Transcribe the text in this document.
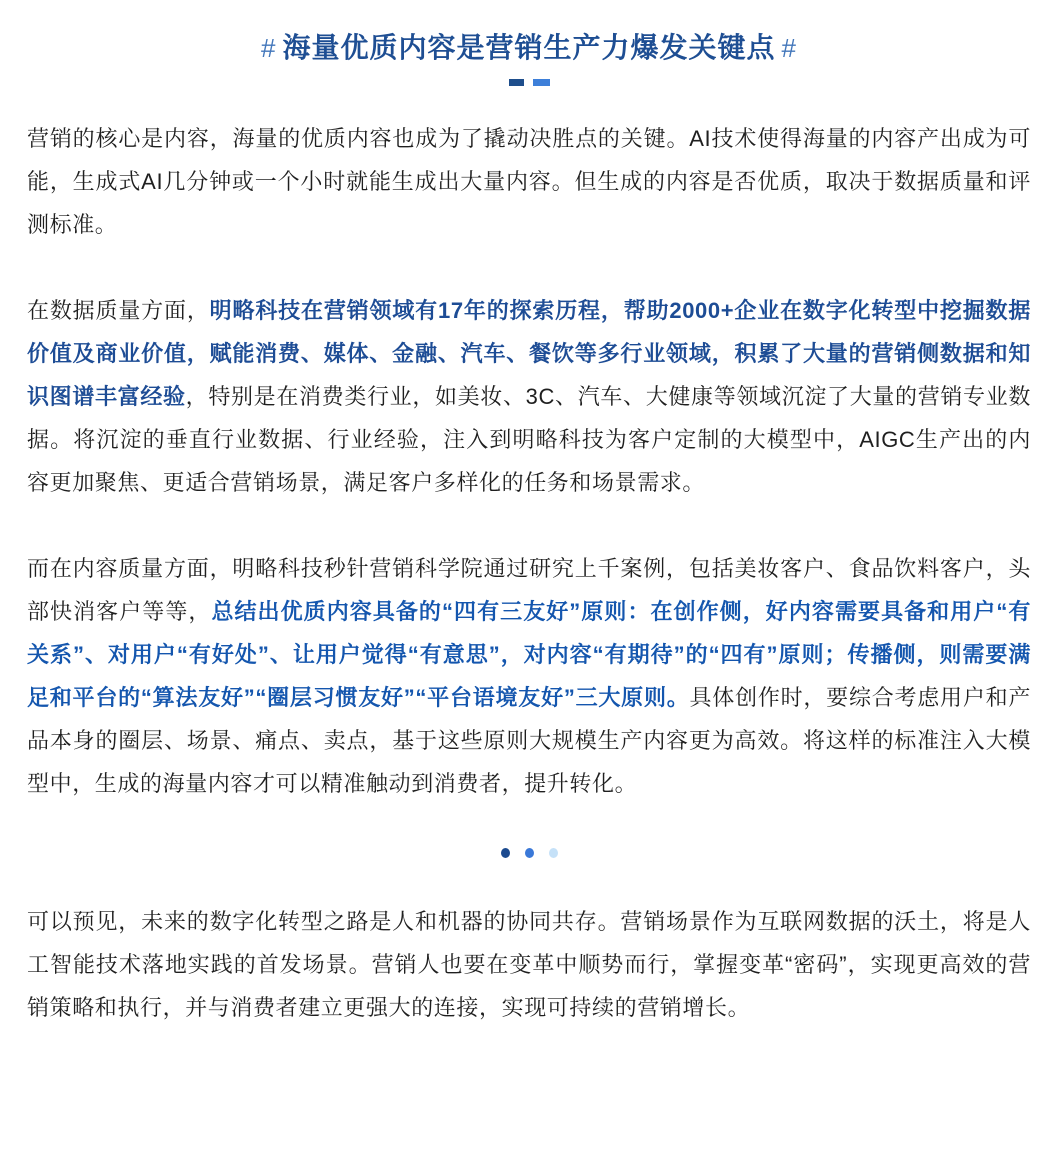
# 海量优质内容是营销生产力爆发关键点 #

营销的核心是内容，海量的优质内容也成为了撬动决胜点的关键。AI技术使得海量的内容产出成为可能，生成式AI几分钟或一个小时就能生成出大量内容。但生成的内容是否优质，取决于数据质量和评测标准。

在数据质量方面，明略科技在营销领域有17年的探索历程，帮助2000+企业在数字化转型中挖掘数据价值及商业价值，赋能消费、媒体、金融、汽车、餐饮等多行业领域，积累了大量的营销侧数据和知识图谱丰富经验，特别是在消费类行业，如美妆、3C、汽车、大健康等领域沉淀了大量的营销专业数据。将沉淀的垂直行业数据、行业经验，注入到明略科技为客户定制的大模型中，AIGC生产出的内容更加聚焦、更适合营销场景，满足客户多样化的任务和场景需求。

而在内容质量方面，明略科技秒针营销科学院通过研究上千案例，包括美妆客户、食品饮料客户，头部快消客户等等，总结出优质内容具备的“四有三友好”原则：在创作侧，好内容需要具备和用户“有关系”、对用户“有好处”、让用户觉得“有意思”，对内容“有期待”的“四有”原则；传播侧，则需要满足和平台的“算法友好”“圈层习惯友好”“平台语境友好”三大原则。具体创作时，要综合考虑用户和产品本身的圈层、场景、痛点、卖点，基于这些原则大规模生产内容更为高效。将这样的标准注入大模型中，生成的海量内容才可以精准触动到消费者，提升转化。

可以预见，未来的数字化转型之路是人和机器的协同共存。营销场景作为互联网数据的沃土，将是人工智能技术落地实践的首发场景。营销人也要在变革中顺势而行，掌握变革“密码”，实现更高效的营销策略和执行，并与消费者建立更强大的连接，实现可持续的营销增长。
